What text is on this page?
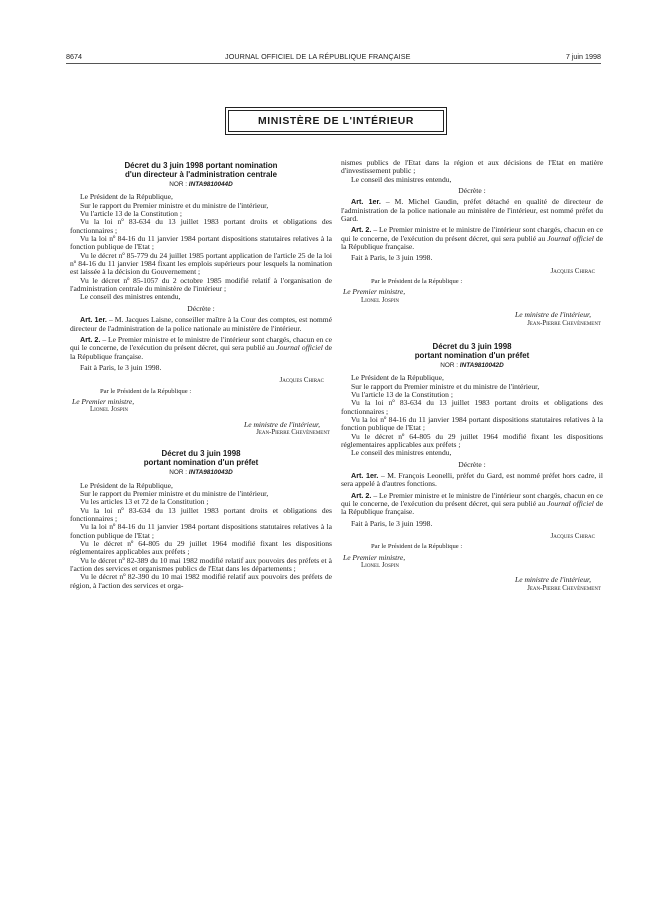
8674	JOURNAL OFFICIEL DE LA RÉPUBLIQUE FRANÇAISE	7 juin 1998
MINISTÈRE DE L'INTÉRIEUR
Décret du 3 juin 1998 portant nomination
d'un directeur à l'administration centrale
NOR : INTA9810044D

Le Président de la République,

Sur le rapport du Premier ministre et du ministre de l'intérieur,

Vu l'article 13 de la Constitution ;

Vu la loi nº 83-634 du 13 juillet 1983 portant droits et obligations des fonctionnaires ;

Vu la loi nº 84-16 du 11 janvier 1984 portant dispositions statutaires relatives à la fonction publique de l'Etat ;

Vu le décret nº 85-779 du 24 juillet 1985 portant application de l'article 25 de la loi nº 84-16 du 11 janvier 1984 fixant les emplois supérieurs pour lesquels la nomination est laissée à la décision du Gouvernement ;

Vu le décret nº 85-1057 du 2 octobre 1985 modifié relatif à l'organisation de l'administration centrale du ministère de l'intérieur ;

Le conseil des ministres entendu,

Décrète :

Art. 1er. – M. Jacques Laisne, conseiller maître à la Cour des comptes, est nommé directeur de l'administration de la police nationale au ministère de l'intérieur.

Art. 2. – Le Premier ministre et le ministre de l'intérieur sont chargés, chacun en ce qui le concerne, de l'exécution du présent décret, qui sera publié au Journal officiel de la République française.

Fait à Paris, le 3 juin 1998.

Jacques Chirac
Par le Président de la République :
Le Premier ministre,
Lionel Jospin
Le ministre de l'intérieur,
Jean-Pierre Chevènement
Décret du 3 juin 1998
portant nomination d'un préfet
NOR : INTA9810043D

Le Président de la République,

Sur le rapport du Premier ministre et du ministre de l'intérieur,

Vu les articles 13 et 72 de la Constitution ;

Vu la loi nº 83-634 du 13 juillet 1983 portant droits et obligations des fonctionnaires ;

Vu la loi nº 84-16 du 11 janvier 1984 portant dispositions statutaires relatives à la fonction publique de l'Etat ;

Vu le décret nº 64-805 du 29 juillet 1964 modifié fixant les dispositions réglementaires applicables aux préfets ;

Vu le décret nº 82-389 du 10 mai 1982 modifié relatif aux pouvoirs des préfets et à l'action des services et organismes publics de l'Etat dans les départements ;

Vu le décret nº 82-390 du 10 mai 1982 modifié relatif aux pouvoirs des préfets de région, à l'action des services et orga-

nismes publics de l'Etat dans la région et aux décisions de l'Etat en matière d'investissement public ;

Le conseil des ministres entendu,

Décrète :

Art. 1er. – M. Michel Gaudin, préfet détaché en qualité de directeur de l'administration de la police nationale au ministère de l'intérieur, est nommé préfet du Gard.

Art. 2. – Le Premier ministre et le ministre de l'intérieur sont chargés, chacun en ce qui le concerne, de l'exécution du présent décret, qui sera publié au Journal officiel de la République française.

Fait à Paris, le 3 juin 1998.

Jacques Chirac
Par le Président de la République :
Le Premier ministre,
Lionel Jospin
Le ministre de l'intérieur,
Jean-Pierre Chevènement
Décret du 3 juin 1998
portant nomination d'un préfet
NOR : INTA9810042D

Le Président de la République,

Sur le rapport du Premier ministre et du ministre de l'intérieur,

Vu l'article 13 de la Constitution ;

Vu la loi nº 83-634 du 13 juillet 1983 portant droits et obligations des fonctionnaires ;

Vu la loi nº 84-16 du 11 janvier 1984 portant dispositions statutaires relatives à la fonction publique de l'Etat ;

Vu le décret nº 64-805 du 29 juillet 1964 modifié fixant les dispositions réglementaires applicables aux préfets ;

Le conseil des ministres entendu,

Décrète :

Art. 1er. – M. François Leonelli, préfet du Gard, est nommé préfet hors cadre, il sera appelé à d'autres fonctions.

Art. 2. – Le Premier ministre et le ministre de l'intérieur sont chargés, chacun en ce qui le concerne, de l'exécution du présent décret, qui sera publié au Journal officiel de la République française.

Fait à Paris, le 3 juin 1998.

Jacques Chirac
Par le Président de la République :
Le Premier ministre,
Lionel Jospin
Le ministre de l'intérieur,
Jean-Pierre Chevènement
